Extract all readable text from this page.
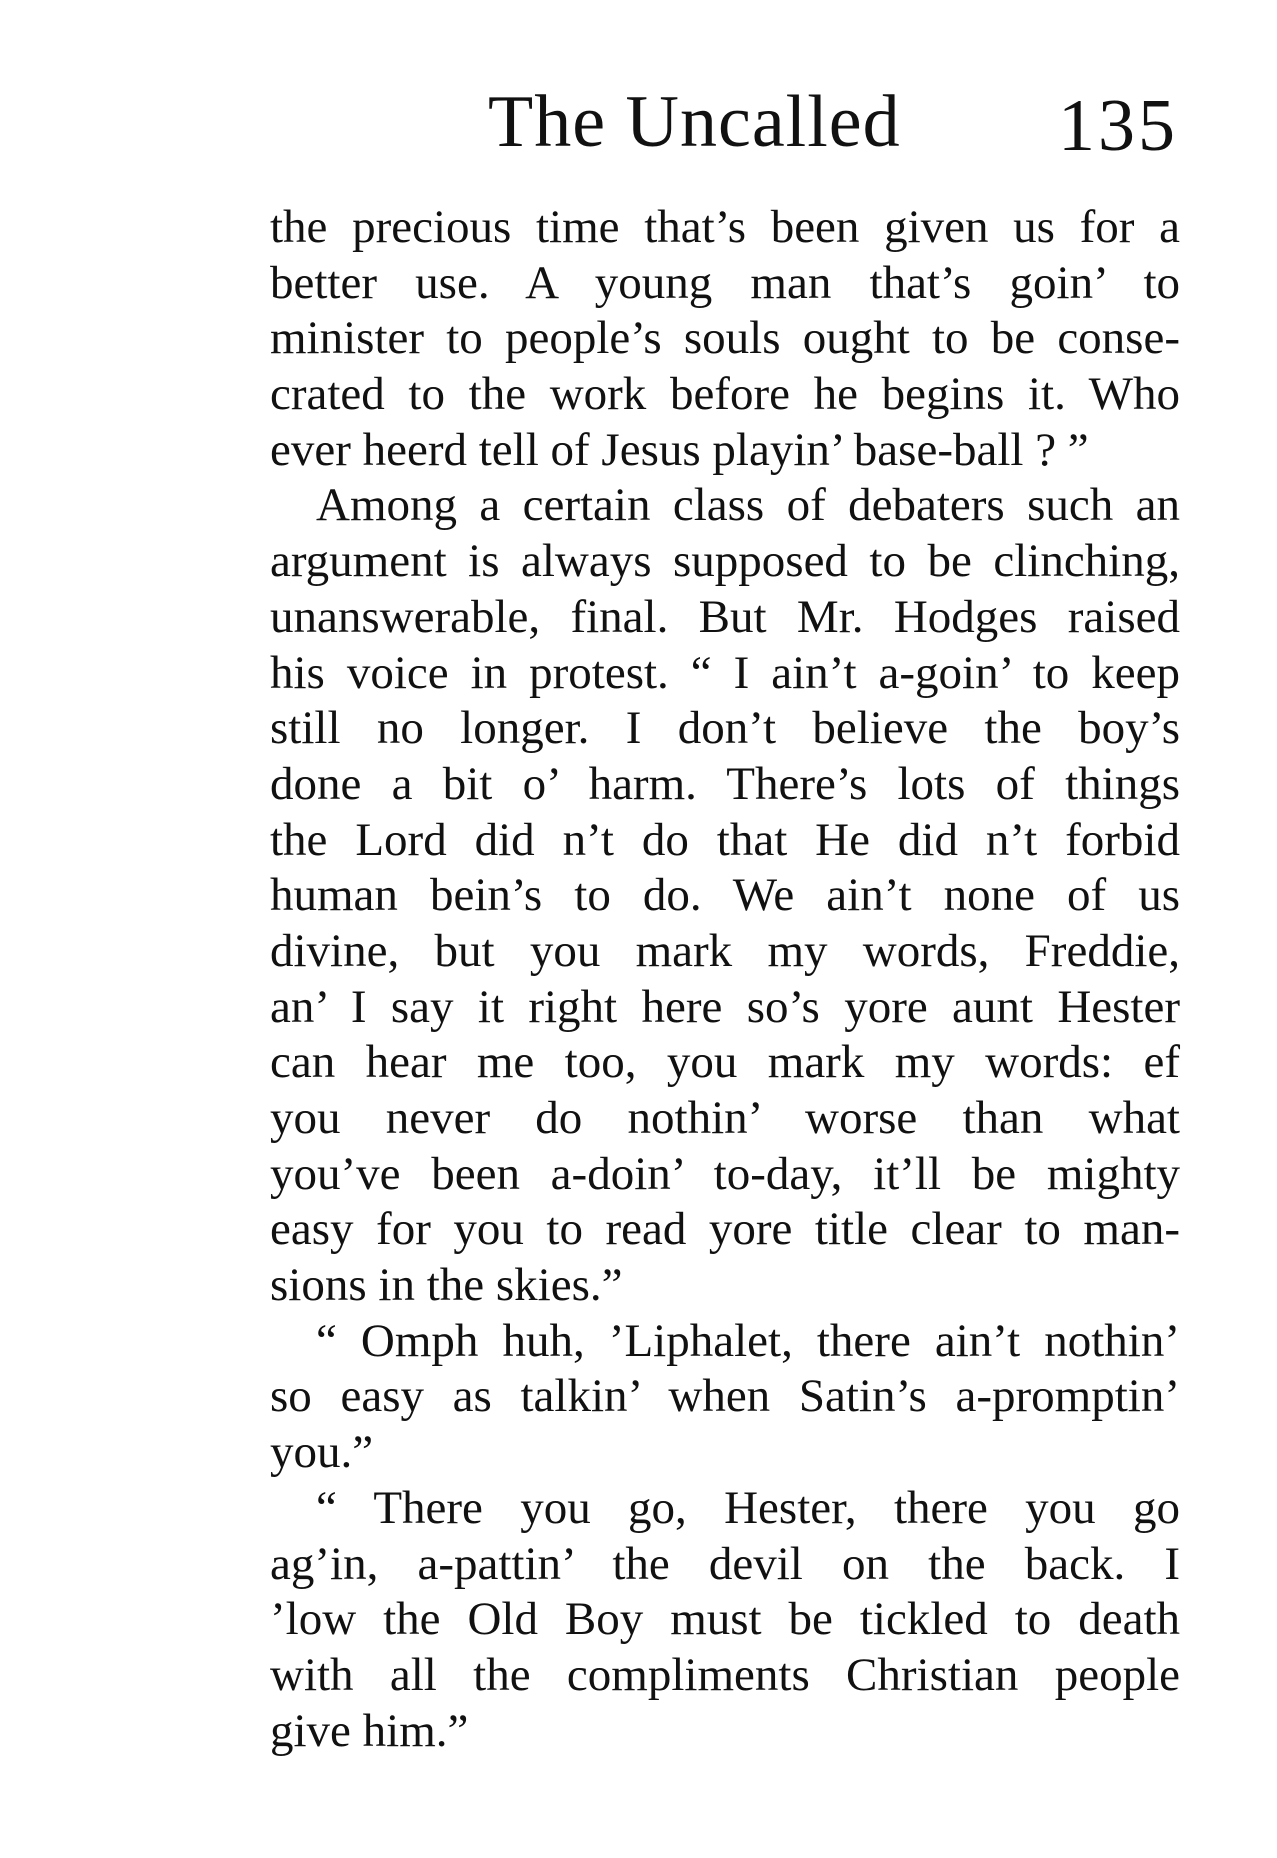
The Uncalled 135
the precious time that’s been given us for a
better use. A young man that’s goin’ to
minister to people’s souls ought to be conse-
crated to the work before he begins it. Who
ever heerd tell of Jesus playin’ base-ball ? ”
Among a certain class of debaters such an
argument is always supposed to be clinching,
unanswerable, final. But Mr. Hodges raised
his voice in protest. “ I ain’t a-goin’ to keep
still no longer. I don’t believe the boy’s
done a bit o’ harm. There’s lots of things
the Lord did n’t do that He did n’t forbid
human bein’s to do. We ain’t none of us
divine, but you mark my words, Freddie,
an’ I say it right here so’s yore aunt Hester
can hear me too, you mark my words: ef
you never do nothin’ worse than what
you’ve been a-doin’ to-day, it’ll be mighty
easy for you to read yore title clear to man-
sions in the skies.”
“ Omph huh, ’Liphalet, there ain’t nothin’
so easy as talkin’ when Satin’s a-promptin’
you.”
“ There you go, Hester, there you go
ag’in, a-pattin’ the devil on the back. I
’low the Old Boy must be tickled to death
with all the compliments Christian people
give him.”
